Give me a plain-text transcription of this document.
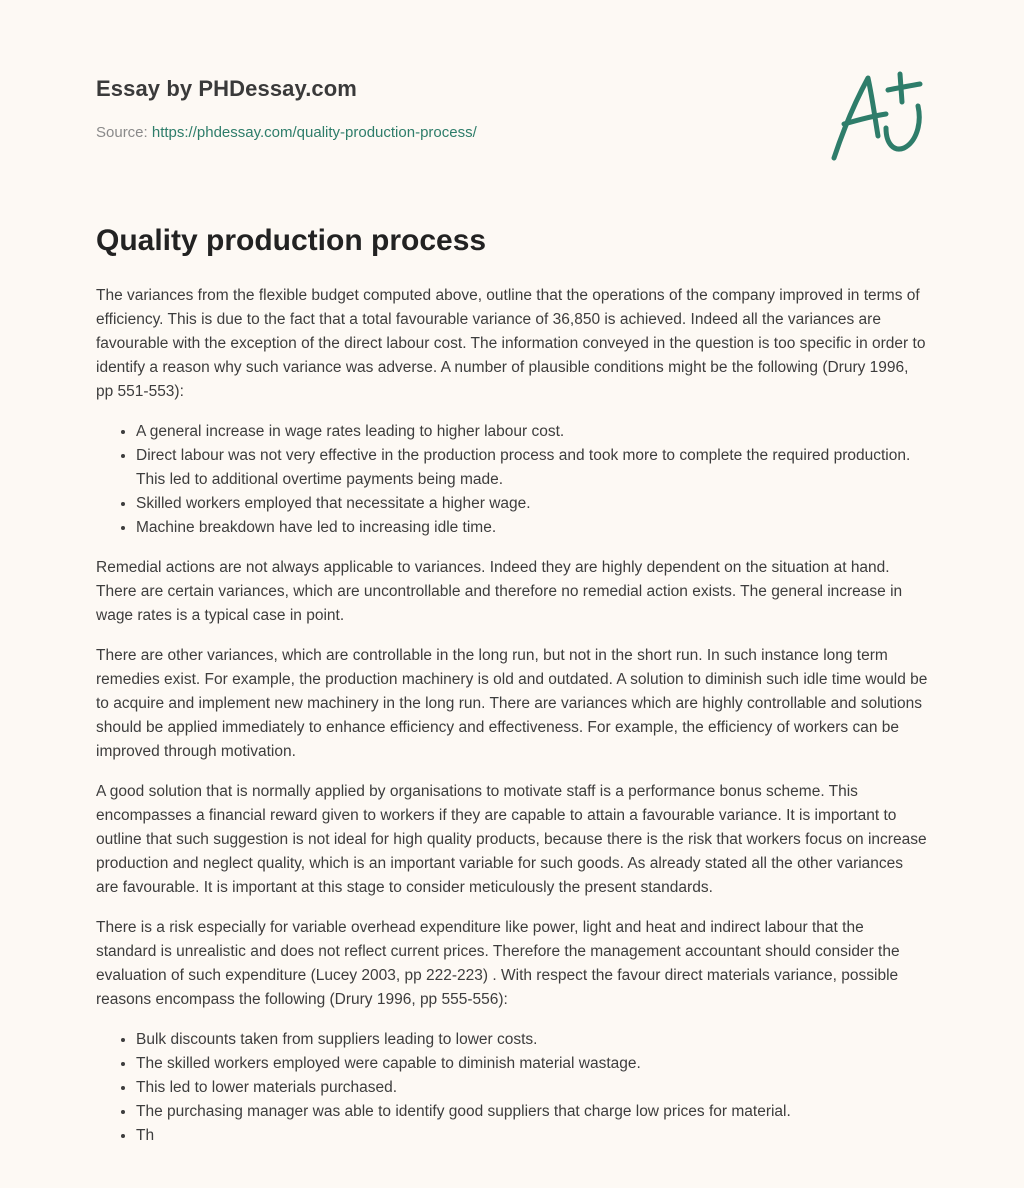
Essay by PHDessay.com

Source: https://phdessay.com/quality-production-process/

Quality production process

The variances from the flexible budget computed above, outline that the operations of the company improved in terms of efficiency. This is due to the fact that a total favourable variance of 36,850 is achieved. Indeed all the variances are favourable with the exception of the direct labour cost. The information conveyed in the question is too specific in order to identify a reason why such variance was adverse. A number of plausible conditions might be the following (Drury 1996, pp 551-553):

• A general increase in wage rates leading to higher labour cost.
• Direct labour was not very effective in the production process and took more to complete the required production. This led to additional overtime payments being made.
• Skilled workers employed that necessitate a higher wage.
• Machine breakdown have led to increasing idle time.

Remedial actions are not always applicable to variances. Indeed they are highly dependent on the situation at hand. There are certain variances, which are uncontrollable and therefore no remedial action exists. The general increase in wage rates is a typical case in point.

There are other variances, which are controllable in the long run, but not in the short run. In such instance long term remedies exist. For example, the production machinery is old and outdated. A solution to diminish such idle time would be to acquire and implement new machinery in the long run. There are variances which are highly controllable and solutions should be applied immediately to enhance efficiency and effectiveness. For example, the efficiency of workers can be improved through motivation.

A good solution that is normally applied by organisations to motivate staff is a performance bonus scheme. This encompasses a financial reward given to workers if they are capable to attain a favourable variance. It is important to outline that such suggestion is not ideal for high quality products, because there is the risk that workers focus on increase production and neglect quality, which is an important variable for such goods. As already stated all the other variances are favourable. It is important at this stage to consider meticulously the present standards.

There is a risk especially for variable overhead expenditure like power, light and heat and indirect labour that the standard is unrealistic and does not reflect current prices. Therefore the management accountant should consider the evaluation of such expenditure (Lucey 2003, pp 222-223) . With respect the favour direct materials variance, possible reasons encompass the following (Drury 1996, pp 555-556):

• Bulk discounts taken from suppliers leading to lower costs.
• The skilled workers employed were capable to diminish material wastage.
• This led to lower materials purchased.
• The purchasing manager was able to identify good suppliers that charge low prices for material.
• Th
